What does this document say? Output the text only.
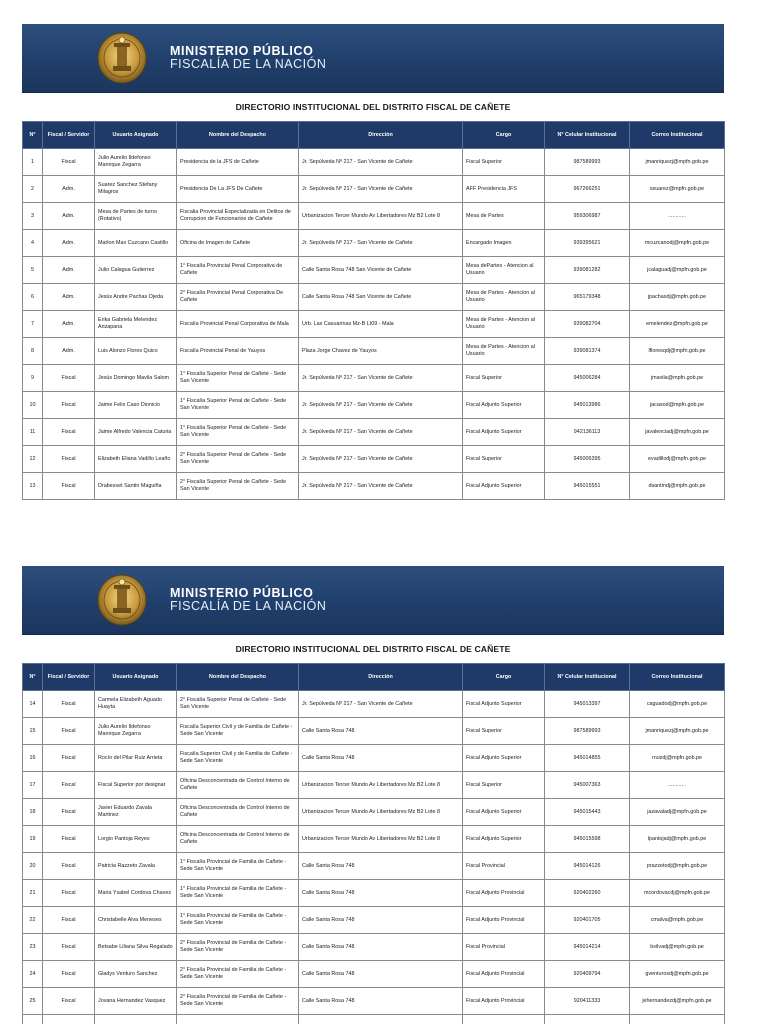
MINISTERIO PÚBLICO
FISCALÍA DE LA NACIÓN
DIRECTORIO INSTITUCIONAL DEL DISTRITO FISCAL DE CAÑETE
N°	Fiscal / Servidor	Usuario Asignado	Nombre del Despacho	Dirección	Cargo	N° Celular Institucional	Correo Institucional
1	Fiscal	Julio Aurelio Ildefonso Manrique Zegarra	Presidencia de la JFS de Cañete	Jr. Sepúlveda Nº 217 - San Vicente de Cañete	Fiscal Superior	987589993	jmanriquezj@mpfn.gob.pe
2	Adm.	Suarez Sanchez Stefany Milagros	Presidencia De La JFS De Cañete	Jr. Sepúlveda Nº 217 - San Vicente de Cañete	AFF Presidencia JFS	967266251	ssuarez@mpfn.gob.pe
3	Adm.	Mesa de Partes de turno (Rotativo)	Fiscalia Provincial Especializada en Delitos de Corrupcion de Funcionarios de Cañete	Urbanizacion Tercer Mundo Av Libertadores Mz B2 Lote 8	Mesa de Partes	959306987	............
4	Adm.	Marlon Max Cuzcano Castillo	Oficina de Imagen de Cañete	Jr. Sepúlveda Nº 217 - San Vicente de Cañete	Encargado Imagen	939395621	mcuzcanodj@mpfn.gob.pe
5	Adm.	Julio Calagua Gutierrez	1° Fiscalía Provincial Penal Corporativa de Cañete	Calle Santa Rosa 748 San Vicente de Cañete	Mesa dePartes - Atencion al Usuario	939081282	jcalaguadj@mpfn.gob.pe
6	Adm.	Jesús Andre Pachas Ojeda	2° Fiscalía Provincial Penal Corporativa De Cañete	Calle Santa Rosa 748 San Vicente de Cañete	Mesa de Partes - Atencion al Usuario	965179348	jpachasdj@mpfn.gob.pe
7	Adm.	Erika Gabriela Melendez Arizapana	Fiscalía Provincial Penal Corporativa de Mala	Urb. Las Casuarinas Mz-B Lt09 - Mala	Mesa de Partes - Atencion al Usuario	939082704	emelendez@mpfn.gob.pe
8	Adm.	Luis Alonzo Flores Quico	Fiscalía Provincial Penal de Yauyos	Plaza Jorge Chavez de Yauyos	Mesa de Partes - Atencion al Usuario	939081374	lfloresqdj@mpfn.gob.pe
9	Fiscal	Jesús Domingo Mavila Salom	1° Fiscalía Superior Penal de Cañete - Sede San Vicente	Jr. Sepúlveda Nº 217 - San Vicente de Cañete	Fiscal Superior	945006284	jmavila@mpfn.gob.pe
10	Fiscal	Jaime Felix Caso Dionicio	1° Fiscalía Superior Penal de Cañete - Sede San Vicente	Jr. Sepúlveda Nº 217 - San Vicente de Cañete	Fiscal Adjunto Superior	945013986	jacasod@mpfn.gob.pe
11	Fiscal	Jaime Alfredo Valencia Caturia	1° Fiscalía Superior Penal de Cañete - Sede San Vicente	Jr. Sepúlveda Nº 217 - San Vicente de Cañete	Fiscal Adjunto Superior	942136113	javalenciadj@mpfn.gob.pe
12	Fiscal	Elizabeth Eliana Vadillo Leaño	2° Fiscalía Superior Penal de Cañete - Sede San Vicente	Jr. Sepúlveda Nº 217 - San Vicente de Cañete	Fiscal Superior	945006395	evadillodj@mpfn.gob.pe
13	Fiscal	Drabesset Santin Maguiña	2° Fiscalía Superior Penal de Cañete - Sede San Vicente	Jr. Sepúlveda Nº 217 - San Vicente de Cañete	Fiscal Adjunto Superior	945015551	dsantindj@mpfn.gob.pe
MINISTERIO PÚBLICO
FISCALÍA DE LA NACIÓN
DIRECTORIO INSTITUCIONAL DEL DISTRITO FISCAL DE CAÑETE
N°	Fiscal / Servidor	Usuario Asignado	Nombre del Despacho	Dirección	Cargo	N° Celular Institucional	Correo Institucional
14	Fiscal	Carmela Elizabeth Aguado Huayta	2° Fiscalía Superior Penal de Cañete - Sede San Vicente	Jr. Sepúlveda Nº 217 - San Vicente de Cañete	Fiscal Adjunto Superior	945013397	caguadodj@mpfn.gob.pe
15	Fiscal	Julio Aurelio Ildefonso Manrique Zegarra	Fiscalía Superior Civil y de Familia de Cañete - Sede San Vicente	Calle Santa Rosa 748	Fiscal Superior	987589993	jmanriquezj@mpfn.gob.pe
16	Fiscal	Rocío del Pilar Ruiz Arrieta	Fiscalía Superior Civil y de Familia de Cañete - Sede San Vicente	Calle Santa Rosa 748	Fiscal Adjunto Superior	945014855	rruizdj@mpfn.gob.pe
17	Fiscal	Fiscal Superior por designar	Oficina Desconcentrada de Control Interno de Cañete	Urbanizacion Tercer Mundo Av Libertadores Mz B2 Lote 8	Fiscal Superior	945007363	............
18	Fiscal	Javier Eduardo Zavala Martinez	Oficina Desconcentrada de Control Interno de Cañete	Urbanizacion Tercer Mundo Av Libertadores Mz B2 Lote 8	Fiscal Adjunto Superior	945015443	jazavaladj@mpfn.gob.pe
19	Fiscal	Lorgio Pantoja Reyes	Oficina Desconcentrada de Control Interno de Cañete	Urbanizacion Tercer Mundo Av Libertadores Mz B2 Lote 8	Fiscal Adjunto Superior	945015598	lpantojadj@mpfn.gob.pe
20	Fiscal	Patricia Razzeto Zavala	1° Fiscalía Provincial de Familia de Cañete - Sede San Vicente	Calle Santa Rosa 748	Fiscal Provincial	945014126	prazzetodj@mpfn.gob.pe
21	Fiscal	Maria Ysabel Cordova Chavez	1° Fiscalía Provincial de Familia de Cañete - Sede San Vicente	Calle Santa Rosa 748	Fiscal Adjunto Provincial	920402260	mcordovacdj@mpfn.gob.pe
22	Fiscal	Christabelle Alva Meneses	1° Fiscalía Provincial de Familia de Cañete - Sede San Vicente	Calle Santa Rosa 748	Fiscal Adjunto Provincial	920401705	cmalva@mpfn.gob.pe
23	Fiscal	Betsabe Liliana Silva Regalado	2° Fiscalía Provincial de Familia de Cañete - Sede San Vicente	Calle Santa Rosa 748	Fiscal Provincial	945014214	bsilvadj@mpfn.gob.pe
24	Fiscal	Gladys Venturo Sanchez	2° Fiscalía Provincial de Familia de Cañete - Sede San Vicente	Calle Santa Rosa 748	Fiscal Adjunto Provincial	920409794	gventurosdj@mpfn.gob.pe
25	Fiscal	Jovana Hernandez Vasquez	2° Fiscalía Provincial de Familia de Cañete - Sede San Vicente	Calle Santa Rosa 748	Fiscal Adjunto Provincial	920411333	jehernandezdj@mpfn.gob.pe
